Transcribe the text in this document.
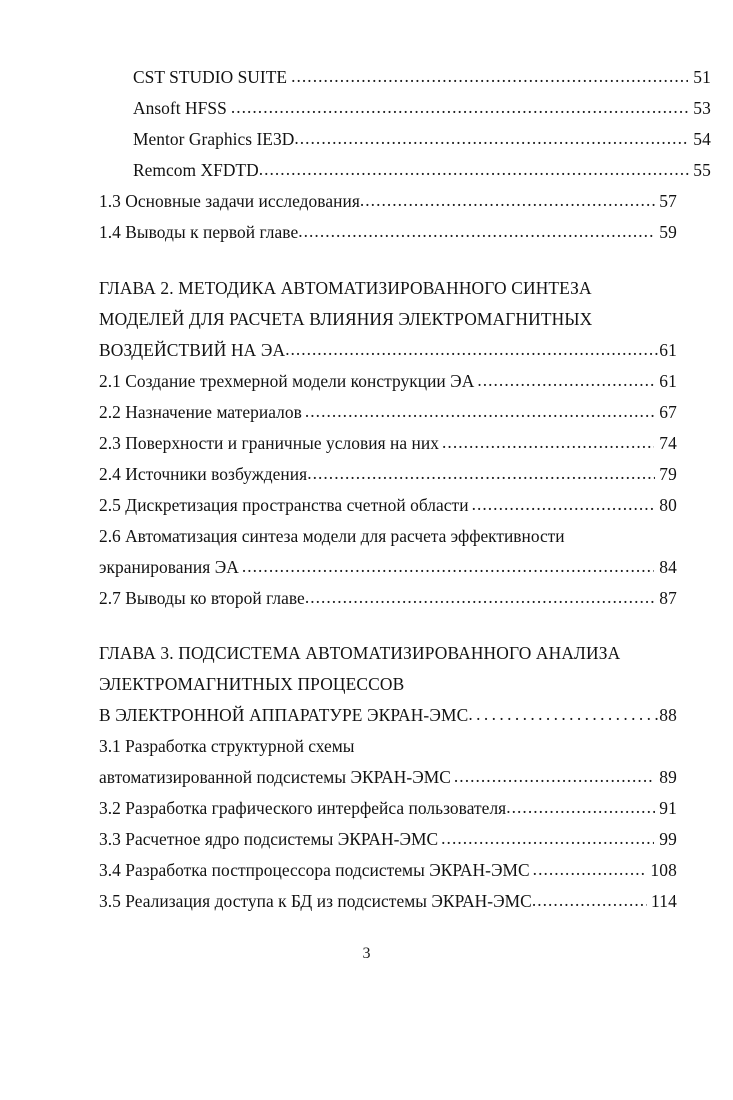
CST STUDIO SUITE .....	51
Ansoft HFSS .....	53
Mentor Graphics IE3D .....	54
Remcom XFDTD .....	55
1.3 Основные задачи исследования .....	57
1.4 Выводы к первой главе .....	59
ГЛАВА 2. МЕТОДИКА АВТОМАТИЗИРОВАННОГО СИНТЕЗА
МОДЕЛЕЙ ДЛЯ РАСЧЕТА ВЛИЯНИЯ ЭЛЕКТРОМАГНИТНЫХ
ВОЗДЕЙСТВИЙ НА ЭА .....	61
2.1 Создание трехмерной модели конструкции ЭА .....	61
2.2 Назначение материалов .....	67
2.3 Поверхности и граничные условия на них .....	74
2.4 Источники возбуждения .....	79
2.5 Дискретизация пространства счетной области .....	80
2.6 Автоматизация синтеза модели для расчета эффективности
экранирования ЭА .....	84
2.7 Выводы ко второй главе .....	87
ГЛАВА 3. ПОДСИСТЕМА АВТОМАТИЗИРОВАННОГО АНАЛИЗА
ЭЛЕКТРОМАГНИТНЫХ ПРОЦЕССОВ
В ЭЛЕКТРОННОЙ АППАРАТУРЕ ЭКРАН-ЭМС .....	88
3.1 Разработка структурной схемы
автоматизированной подсистемы ЭКРАН-ЭМС .....	89
3.2 Разработка графического интерфейса пользователя .....	91
3.3 Расчетное ядро подсистемы ЭКРАН-ЭМС .....	99
3.4 Разработка постпроцессора подсистемы ЭКРАН-ЭМС .....	108
3.5 Реализация доступа к БД из подсистемы ЭКРАН-ЭМС .....	114
3
